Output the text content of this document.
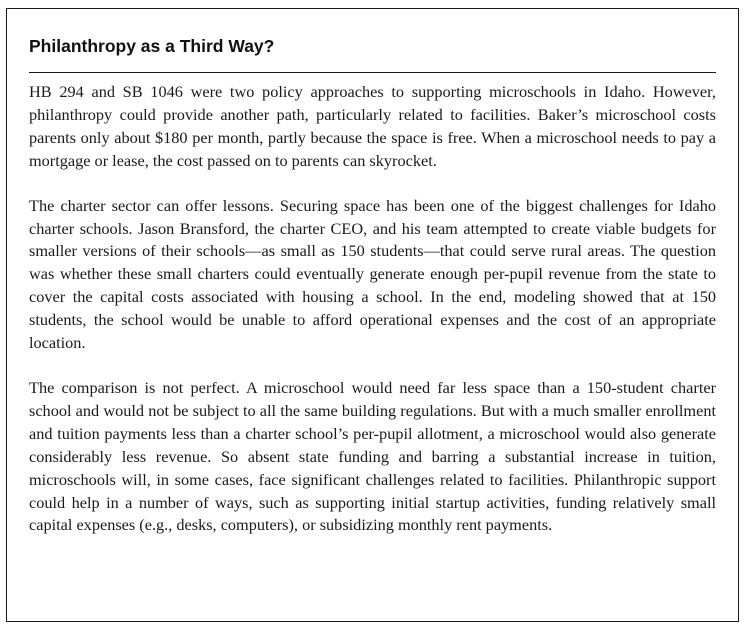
Philanthropy as a Third Way?

HB 294 and SB 1046 were two policy approaches to supporting microschools in Idaho. However, philanthropy could provide another path, particularly related to facilities. Baker’s microschool costs parents only about $180 per month, partly because the space is free. When a microschool needs to pay a mortgage or lease, the cost passed on to parents can skyrocket.

The charter sector can offer lessons. Securing space has been one of the biggest challenges for Idaho charter schools. Jason Bransford, the charter CEO, and his team attempted to create viable budgets for smaller versions of their schools—as small as 150 students—that could serve rural areas. The question was whether these small charters could eventually generate enough per-pupil revenue from the state to cover the capital costs associated with housing a school. In the end, modeling showed that at 150 students, the school would be unable to afford operational expenses and the cost of an appropriate location.

The comparison is not perfect. A microschool would need far less space than a 150-student charter school and would not be subject to all the same building regulations. But with a much smaller enrollment and tuition payments less than a charter school’s per-pupil allotment, a microschool would also generate considerably less revenue. So absent state funding and barring a substantial increase in tuition, microschools will, in some cases, face significant challenges related to facilities. Philanthropic support could help in a number of ways, such as supporting initial startup activities, funding relatively small capital expenses (e.g., desks, computers), or subsidizing monthly rent payments.
